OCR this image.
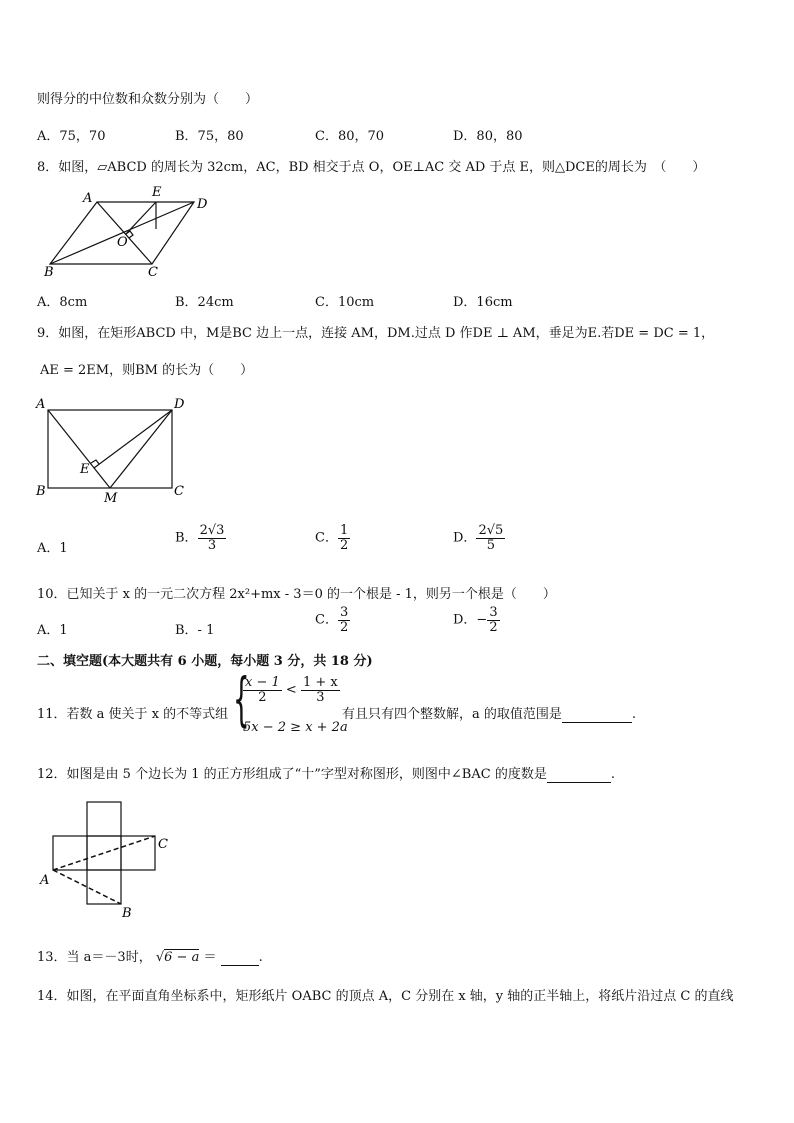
则得分的中位数和众数分别为（　　）
A．75，70	B．75，80	C．80，70	D．80，80
8．如图，▱ABCD 的周长为 32cm，AC，BD 相交于点 O，OE⊥AC 交 AD 于点 E，则△DCE的周长为　（　　）
A	E
D
O
B	C
A．8cm	B．24cm	C．10cm	D．16cm
9．如图，在矩形ABCD 中，M是BC 边上一点，连接 AM，DM.过点 D 作DE ⊥ AM，垂足为E.若DE = DC = 1，
AE = 2EM，则BM 的长为（　　）
A	D
E
B	M	C
A．1
B． $\frac{2√3}{3}$	C． $\frac{1}{2}$	D． $\frac{2√5}{5}$
10．已知关于 x 的一元二次方程 2x²+mx - 3＝0 的一个根是 - 1，则另一个根是（　　）
A．1	B．- 1
C． $\frac{3}{2}$	D．− $\frac{3}{2}$
二、填空题(本大题共有 6 小题，每小题 3 分，共 18 分)
11．若数 a 使关于 x 的不等式组 {
$\frac{x - 1}{2} < \frac{1 + x}{3}$
5x − 2 ≥ x + 2a
有且只有四个整数解，a 的取值范围是	.
12．如图是由 5 个边长为 1 的正方形组成了“十”字型对称图形，则图中∠BAC 的度数是	.
A
B
C
13．当 a＝－3时， √6 − a ＝	.
14．如图，在平面直角坐标系中，矩形纸片 OABC 的顶点 A，C 分别在 x 轴，y 轴的正半轴上，将纸片沿过点 C 的直线
